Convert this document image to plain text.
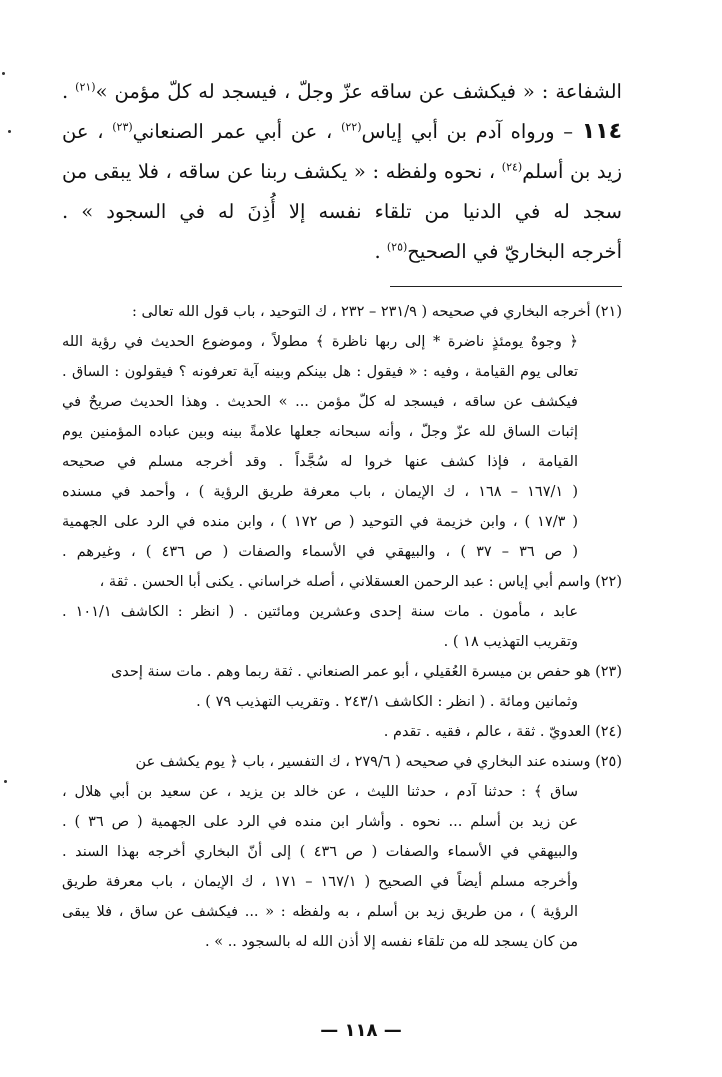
الشفاعة : « فيكشف عن ساقه عزّ وجلّ ، فيسجد له كلّ مؤمن »$^{(٢١)}$ .
١١٤ – ورواه آدم بن أبي إياس$^{(٢٢)}$ ، عن أبي عمر الصنعاني$^{(٢٣)}$ ، عن
زيد بن أسلم$^{(٢٤)}$ ، نحوه ولفظه : « يكشف ربنا عن ساقه ، فلا يبقى من
سجد له في الدنيا من تلقاء نفسه إلا أُذِنَ له في السجود » .
أخرجه البخاريّ في الصحيح$^{(٢٥)}$ .
(٢١) أخرجه البخاري في صحيحه ( ٢٣١/٩ – ٢٣٢ ، ك التوحيد ، باب قول الله تعالى :
﴿ وجوهٌ يومئذٍ ناضرة * إلى ربها ناظرة ﴾ مطولاً ، وموضوع الحديث في رؤية الله
تعالى يوم القيامة ، وفيه : « فيقول : هل بينكم وبينه آية تعرفونه ؟ فيقولون : الساق .
فيكشف عن ساقه ، فيسجد له كلّ مؤمن ... » الحديث . وهذا الحديث صريحٌ في
إثبات الساق لله عزّ وجلّ ، وأنه سبحانه جعلها علامةً بينه وبين عباده المؤمنين يوم
القيامة ، فإذا كشف عنها خروا له سُجَّداً . وقد أخرجه مسلم في صحيحه
( ١٦٧/١ – ١٦٨ ، ك الإيمان ، باب معرفة طريق الرؤية ) ، وأحمد في مسنده
( ١٧/٣ ) ، وابن خزيمة في التوحيد ( ص ١٧٢ ) ، وابن منده في الرد على الجهمية
( ص ٣٦ – ٣٧ ) ، والبيهقي في الأسماء والصفات ( ص ٤٣٦ ) ، وغيرهم .
(٢٢) واسم أبي إياس : عبد الرحمن العسقلاني ، أصله خراساني . يكنى أبا الحسن . ثقة ،
عابد ، مأمون . مات سنة إحدى وعشرين ومائتين . ( انظر : الكاشف ١٠١/١ .
وتقريب التهذيب ١٨ ) .
(٢٣) هو حفص بن ميسرة العُقيلي ، أبو عمر الصنعاني . ثقة ربما وهم . مات سنة إحدى
وثمانين ومائة . ( انظر : الكاشف ٢٤٣/١ . وتقريب التهذيب ٧٩ ) .
(٢٤) العدويّ . ثقة ، عالم ، فقيه . تقدم .
(٢٥) وسنده عند البخاري في صحيحه ( ٢٧٩/٦ ، ك التفسير ، باب ﴿ يوم يكشف عن
ساق ﴾ : حدثنا آدم ، حدثنا الليث ، عن خالد بن يزيد ، عن سعيد بن أبي هلال ،
عن زيد بن أسلم ... نحوه . وأشار ابن منده في الرد على الجهمية ( ص ٣٦ ) .
والبيهقي في الأسماء والصفات ( ص ٤٣٦ ) إلى أنّ البخاري أخرجه بهذا السند .
وأخرجه مسلم أيضاً في الصحيح ( ١٦٧/١ – ١٧١ ، ك الإيمان ، باب معرفة طريق
الرؤية ) ، من طريق زيد بن أسلم ، به ولفظه : « ... فيكشف عن ساق ، فلا يبقى
من كان يسجد لله من تلقاء نفسه إلا أذن الله له بالسجود .. » .
— ١١٨ —
